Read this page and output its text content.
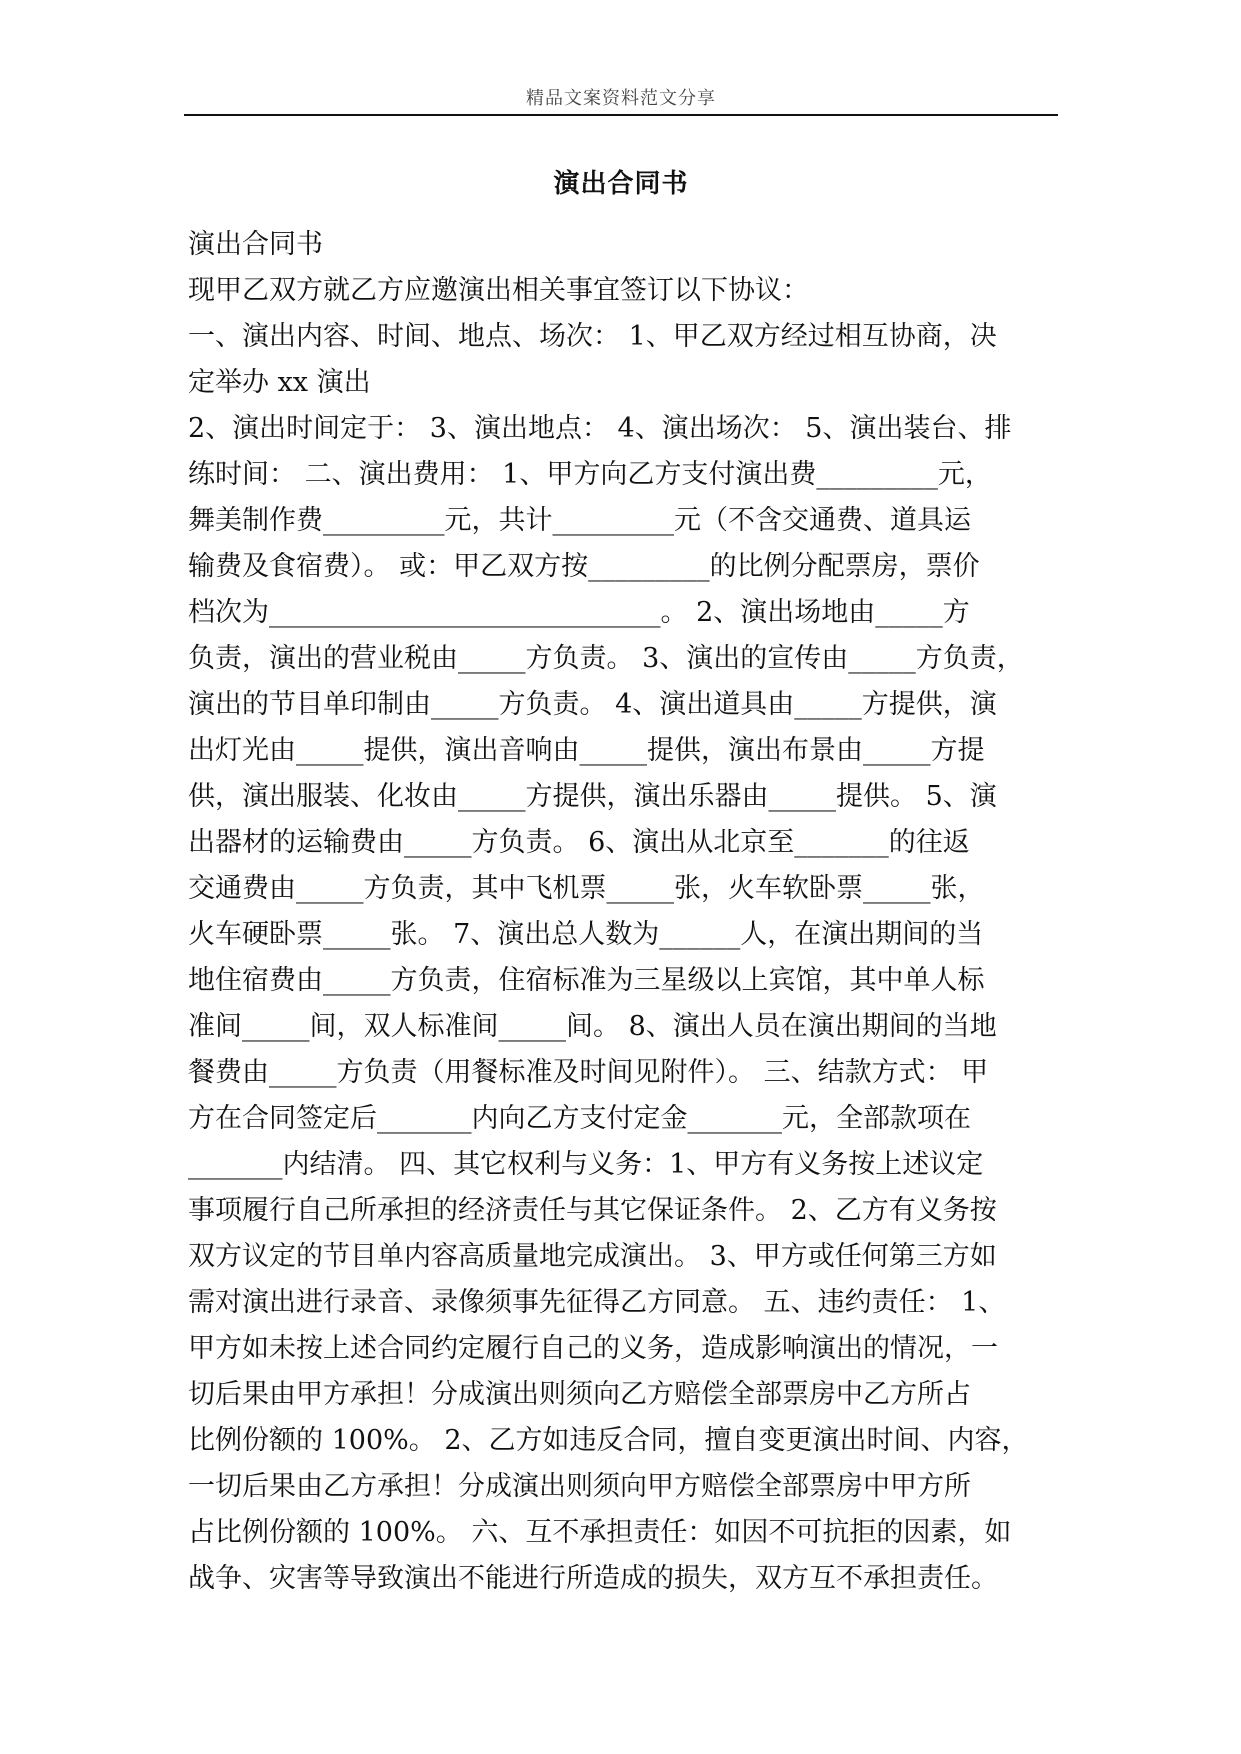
精品文案资料范文分享
演出合同书
演出合同书
现甲乙双方就乙方应邀演出相关事宜签订以下协议：
一、演出内容、时间、地点、场次： 1、甲乙双方经过相互协商，决
定举办 xx 演出
2、演出时间定于： 3、演出地点： 4、演出场次： 5、演出装台、排
练时间： 二、演出费用： 1、甲方向乙方支付演出费_________元，
舞美制作费_________元，共计_________元（不含交通费、道具运
输费及食宿费）。 或：甲乙双方按_________的比例分配票房，票价
档次为_____________________________。 2、演出场地由_____方
负责，演出的营业税由_____方负责。 3、演出的宣传由_____方负责，
演出的节目单印制由_____方负责。 4、演出道具由_____方提供，演
出灯光由_____提供，演出音响由_____提供，演出布景由_____方提
供，演出服装、化妆由_____方提供，演出乐器由_____提供。 5、演
出器材的运输费由_____方负责。 6、演出从北京至_______的往返
交通费由_____方负责，其中飞机票_____张，火车软卧票_____张，
火车硬卧票_____张。 7、演出总人数为______人，在演出期间的当
地住宿费由_____方负责，住宿标准为三星级以上宾馆，其中单人标
准间_____间，双人标准间_____间。 8、演出人员在演出期间的当地
餐费由_____方负责（用餐标准及时间见附件）。 三、结款方式： 甲
方在合同签定后_______内向乙方支付定金_______元，全部款项在
_______内结清。 四、其它权利与义务：1、甲方有义务按上述议定
事项履行自己所承担的经济责任与其它保证条件。 2、乙方有义务按
双方议定的节目单内容高质量地完成演出。 3、甲方或任何第三方如
需对演出进行录音、录像须事先征得乙方同意。 五、违约责任： 1、
甲方如未按上述合同约定履行自己的义务，造成影响演出的情况，一
切后果由甲方承担！分成演出则须向乙方赔偿全部票房中乙方所占
比例份额的 100%。 2、乙方如违反合同，擅自变更演出时间、内容，
一切后果由乙方承担！分成演出则须向甲方赔偿全部票房中甲方所
占比例份额的 100%。 六、互不承担责任：如因不可抗拒的因素，如
战争、灾害等导致演出不能进行所造成的损失，双方互不承担责任。
